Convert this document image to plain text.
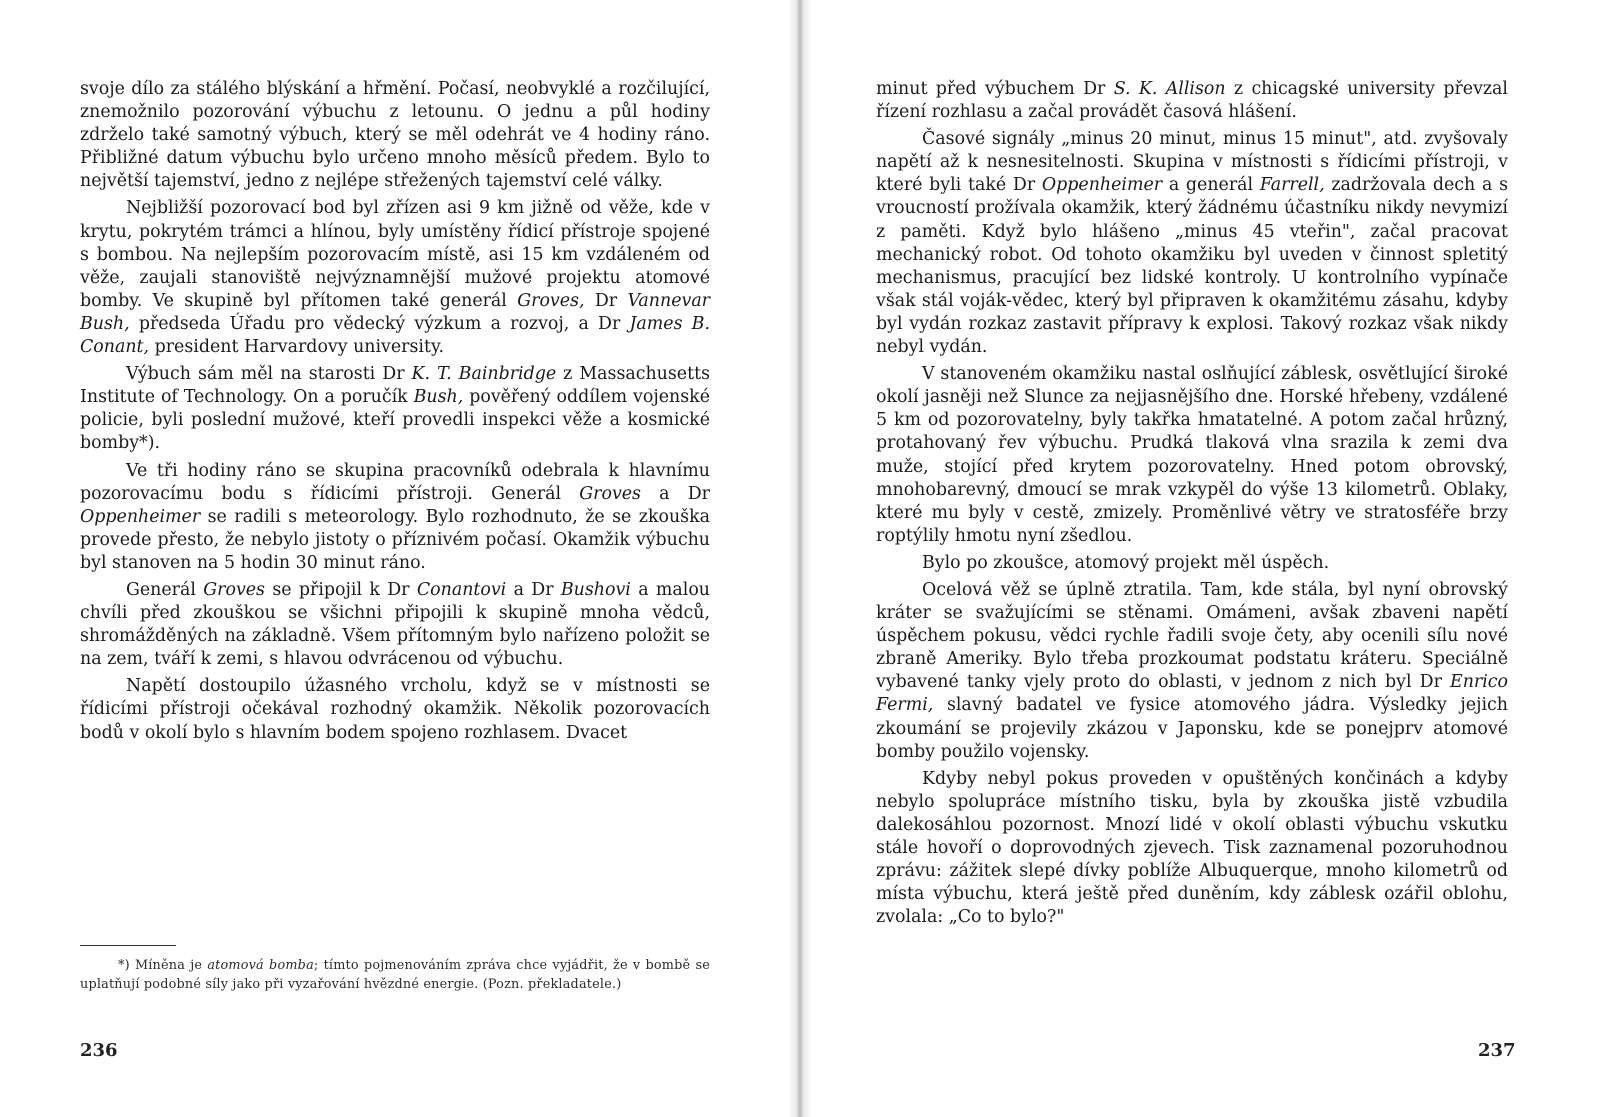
svoje dílo za stálého blýskání a hřmění. Počasí, neobvyklé a rozčilující, znemožnilo pozorování výbuchu z letounu. O jednu a půl hodiny zdrželo také samotný výbuch, který se měl odehrát ve 4 hodiny ráno. Přibližné datum výbuchu bylo určeno mnoho měsíců předem. Bylo to největší tajemství, jedno z nejlépe střežených tajemství celé války.

Nejbližší pozorovací bod byl zřízen asi 9 km jižně od věže, kde v krytu, pokrytém trámci a hlínou, byly umístěny řídicí přístroje spojené s bombou. Na nejlepším pozorovacím místě, asi 15 km vzdáleném od věže, zaujali stanoviště nejvýznamnější mužové projektu atomové bomby. Ve skupině byl přítomen také generál Groves, Dr Vannevar Bush, předseda Úřadu pro vědecký výzkum a rozvoj, a Dr James B. Conant, president Harvardovy university.

Výbuch sám měl na starosti Dr K. T. Bainbridge z Massachusetts Institute of Technology. On a poručík Bush, pověřený oddílem vojenské policie, byli poslední mužové, kteří provedli inspekci věže a kosmické bomby*).

Ve tři hodiny ráno se skupina pracovníků odebrala k hlavnímu pozorovacímu bodu s řídicími přístroji. Generál Groves a Dr Oppenheimer se radili s meteorology. Bylo rozhodnuto, že se zkouška provede přesto, že nebylo jistoty o příznivém počasí. Okamžik výbuchu byl stanoven na 5 hodin 30 minut ráno.

Generál Groves se připojil k Dr Conantovi a Dr Bushovi a malou chvíli před zkouškou se všichni připojili k skupině mnoha vědců, shromážděných na základně. Všem přítomným bylo nařízeno položit se na zem, tváří k zemi, s hlavou odvrácenou od výbuchu.

Napětí dostoupilo úžasného vrcholu, když se v místnosti se řídicími přístroji očekával rozhodný okamžik. Několik pozorovacích bodů v okolí bylo s hlavním bodem spojeno rozhlasem. Dvacet

*) Míněna je atomová bomba; tímto pojmenováním zpráva chce vyjádřit, že v bombě se uplatňují podobné síly jako při vyzařování hvězdné energie. (Pozn. překladatele.)
236

minut před výbuchem Dr S. K. Allison z chicagské university převzal řízení rozhlasu a začal provádět časová hlášení.

Časové signály „minus 20 minut, minus 15 minut", atd. zvyšovaly napětí až k nesnesitelnosti. Skupina v místnosti s řídicími přístroji, v které byli také Dr Oppenheimer a generál Farrell, zadržovala dech a s vroucností prožívala okamžik, který žádnému účastníku nikdy nevymizí z paměti. Když bylo hlášeno „minus 45 vteřin", začal pracovat mechanický robot. Od tohoto okamžiku byl uveden v činnost spletitý mechanismus, pracující bez lidské kontroly. U kontrolního vypínače však stál voják-vědec, který byl připraven k okamžitému zásahu, kdyby byl vydán rozkaz zastavit přípravy k explosi. Takový rozkaz však nikdy nebyl vydán.

V stanoveném okamžiku nastal oslňující záblesk, osvětlující široké okolí jasněji než Slunce za nejjasnějšího dne. Horské hřebeny, vzdálené 5 km od pozorovatelny, byly takřka hmatatelné. A potom začal hrůzný, protahovaný řev výbuchu. Prudká tlaková vlna srazila k zemi dva muže, stojící před krytem pozorovatelny. Hned potom obrovský, mnohobarevný, dmoucí se mrak vzkypěl do výše 13 kilometrů. Oblaky, které mu byly v cestě, zmizely. Proměnlivé větry ve stratosféře brzy roptýlily hmotu nyní zšedlou.

Bylo po zkoušce, atomový projekt měl úspěch.

Ocelová věž se úplně ztratila. Tam, kde stála, byl nyní obrovský kráter se svažujícími se stěnami. Omámeni, avšak zbaveni napětí úspěchem pokusu, vědci rychle řadili svoje čety, aby ocenili sílu nové zbraně Ameriky. Bylo třeba prozkoumat podstatu kráteru. Speciálně vybavené tanky vjely proto do oblasti, v jednom z nich byl Dr Enrico Fermi, slavný badatel ve fysice atomového jádra. Výsledky jejich zkoumání se projevily zkázou v Japonsku, kde se ponejprv atomové bomby použilo vojensky.

Kdyby nebyl pokus proveden v opuštěných končinách a kdyby nebylo spolupráce místního tisku, byla by zkouška jistě vzbudila dalekosáhlou pozornost. Mnozí lidé v okolí oblasti výbuchu vskutku stále hovoří o doprovodných zjevech. Tisk zaznamenal pozoruhodnou zprávu: zážitek slepé dívky poblíže Albuquerque, mnoho kilometrů od místa výbuchu, která ještě před duněním, kdy záblesk ozářil oblohu, zvolala: „Co to bylo?"

237
